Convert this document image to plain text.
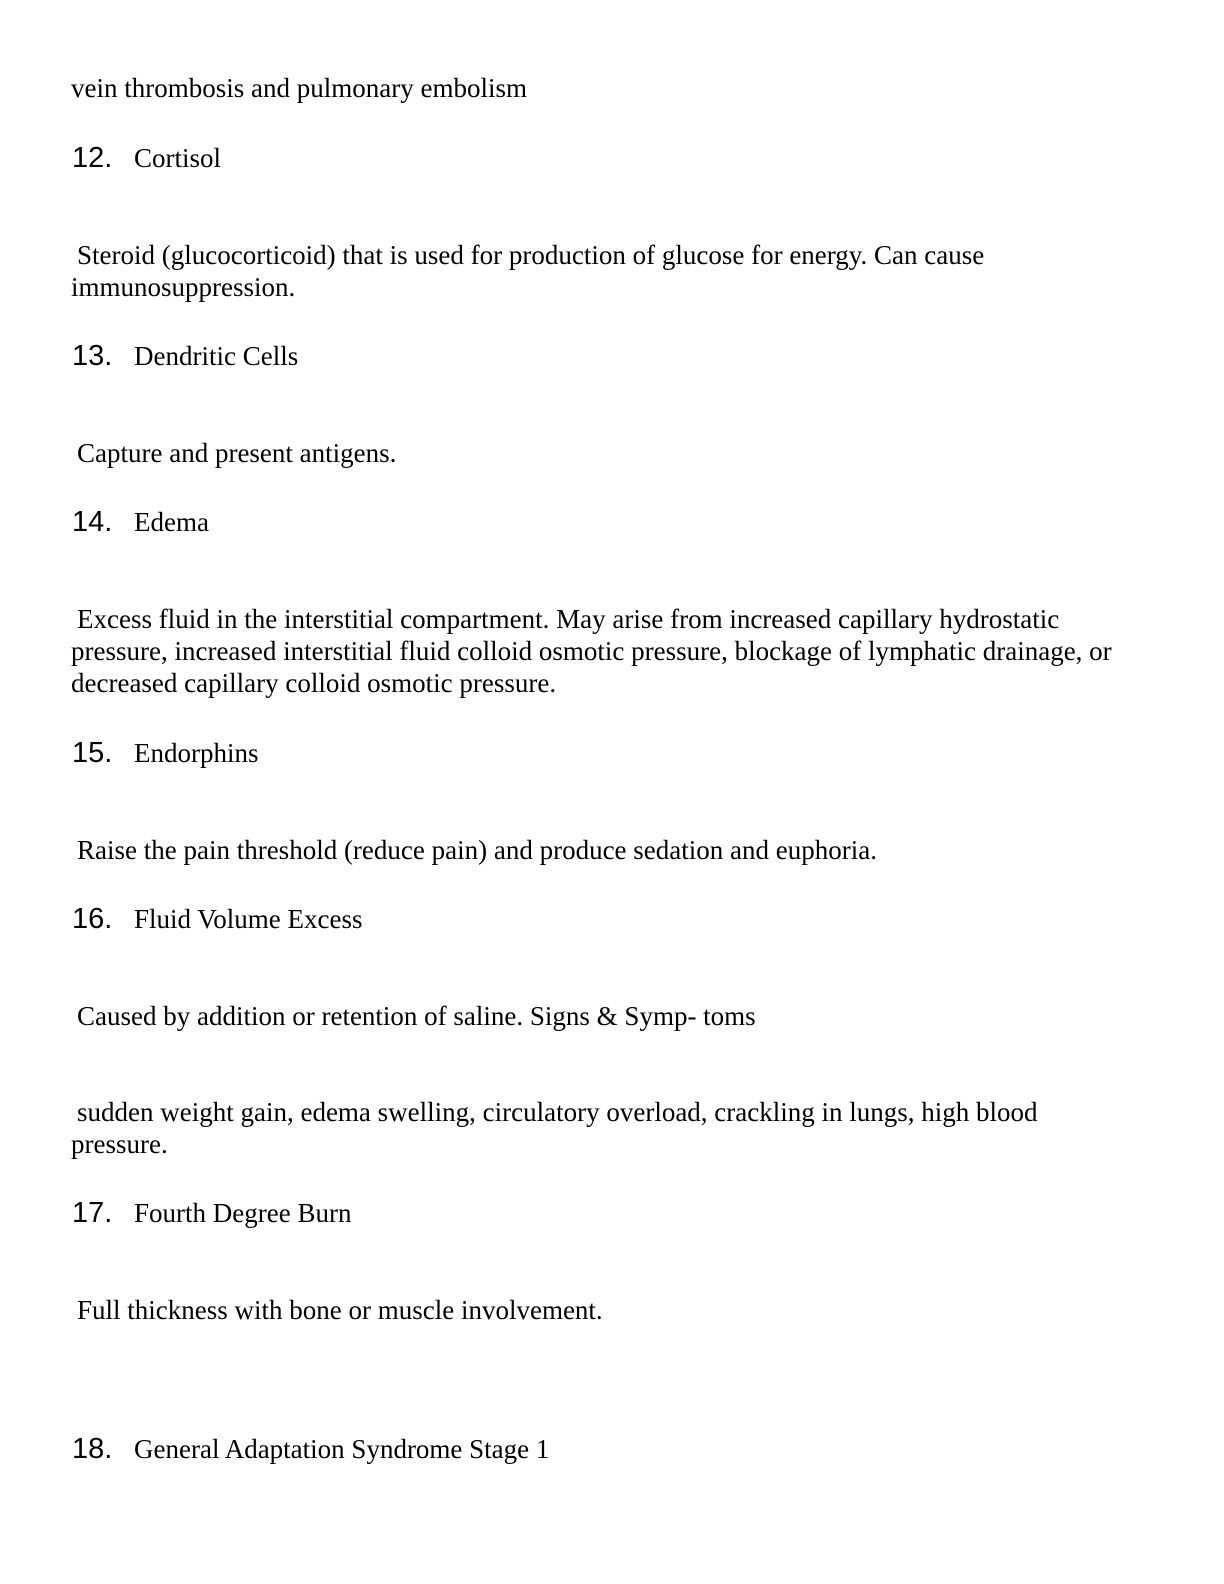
vein thrombosis and pulmonary embolism

12. Cortisol

Steroid (glucocorticoid) that is used for production of glucose for energy. Can cause immunosuppression.

13. Dendritic Cells

Capture and present antigens.

14. Edema

Excess fluid in the interstitial compartment. May arise from increased capillary hydrostatic pressure, increased interstitial fluid colloid osmotic pressure, blockage of lymphatic drainage, or decreased capillary colloid osmotic pressure.

15. Endorphins

Raise the pain threshold (reduce pain) and produce sedation and euphoria.

16. Fluid Volume Excess

Caused by addition or retention of saline. Signs & Symp- toms

sudden weight gain, edema swelling, circulatory overload, crackling in lungs, high blood pressure.

17. Fourth Degree Burn

Full thickness with bone or muscle involvement.

18. General Adaptation Syndrome Stage 1
